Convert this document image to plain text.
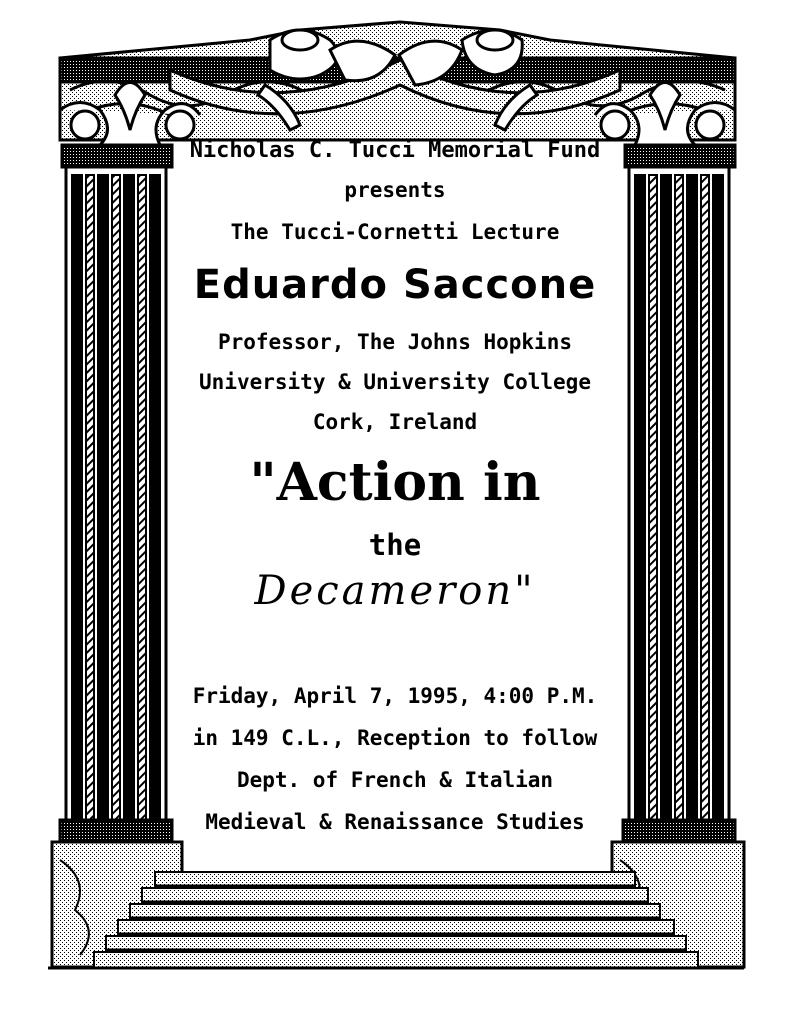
Nicholas C. Tucci Memorial Fund
presents
The Tucci-Cornetti Lecture
Eduardo Saccone
Professor, The Johns Hopkins
University & University College
Cork, Ireland
"Action in
the
Decameron"
Friday, April 7, 1995, 4:00 P.M.
in 149 C.L., Reception to follow
Dept. of French & Italian
Medieval & Renaissance Studies
